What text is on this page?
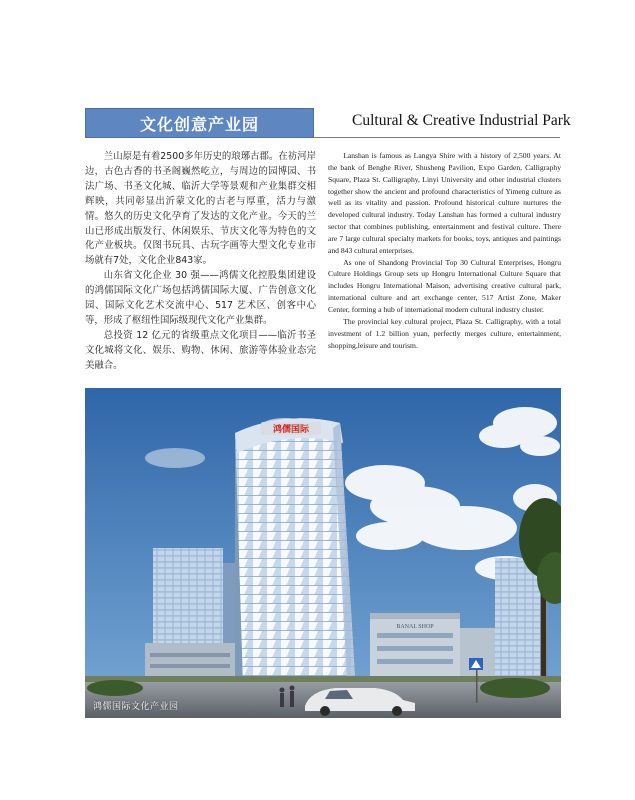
文化创意产业园	Cultural & Creative Industrial Park

兰山原是有着2500多年历史的琅琊古郡。在祊河岸边，古色古香的书圣阁巍然屹立，与周边的园博园、书法广场、书圣文化城、临沂大学等景观和产业集群交相辉映，共同彰显出沂蒙文化的古老与厚重，活力与激情。悠久的历史文化孕育了发达的文化产业。今天的兰山已形成出版发行、休闲娱乐、节庆文化等为特色的文化产业板块。仅图书玩具、古玩字画等大型文化专业市场就有7处，文化企业843家。

山东省文化企业 30 强——鸿儒文化控股集团建设的鸿儒国际文化广场包括鸿儒国际大厦、广告创意文化园、国际文化艺术交流中心、517 艺术区、创客中心等，形成了枢纽性国际级现代文化产业集群。

总投资 12 亿元的省级重点文化项目——临沂书圣文化城将文化、娱乐、购物、休闲、旅游等体验业态完美融合。

Lanshan is famous as Langya Shire with a history of 2,500 years. At the bank of Benghe River, Shusheng Pavilion, Expo Garden, Calligraphy Square, Plaza St. Calligraphy, Linyi University and other industrial clusters together show the ancient and profound characteristics of Yimeng culture as well as its vitality and passion. Profound historical culture nurtures the developed cultural industry. Today Lanshan has formed a cultural industry sector that combines publishing, entertainment and festival culture. There are 7 large cultural specialty markets for books, toys, antiques and paintings and 843 cultural enterprises.

As one of Shandong Provincial Top 30 Cultural Enterprises, Hongru Culture Holdings Group sets up Hongru International Culture Square that includes Hongru International Maison, advertising creative cultural park, international culture and art exchange center, 517 Artist Zone, Maker Center, forming a hub of international modern cultural industry cluster.

The provincial key cultural project, Plaza St. Calligraphy, with a total investment of 1.2 billion yuan, perfectly merges culture, entertainment, shopping,leisure and tourism.

BANAL SHOP
鸿儒国际
鸿儒国际文化产业园
